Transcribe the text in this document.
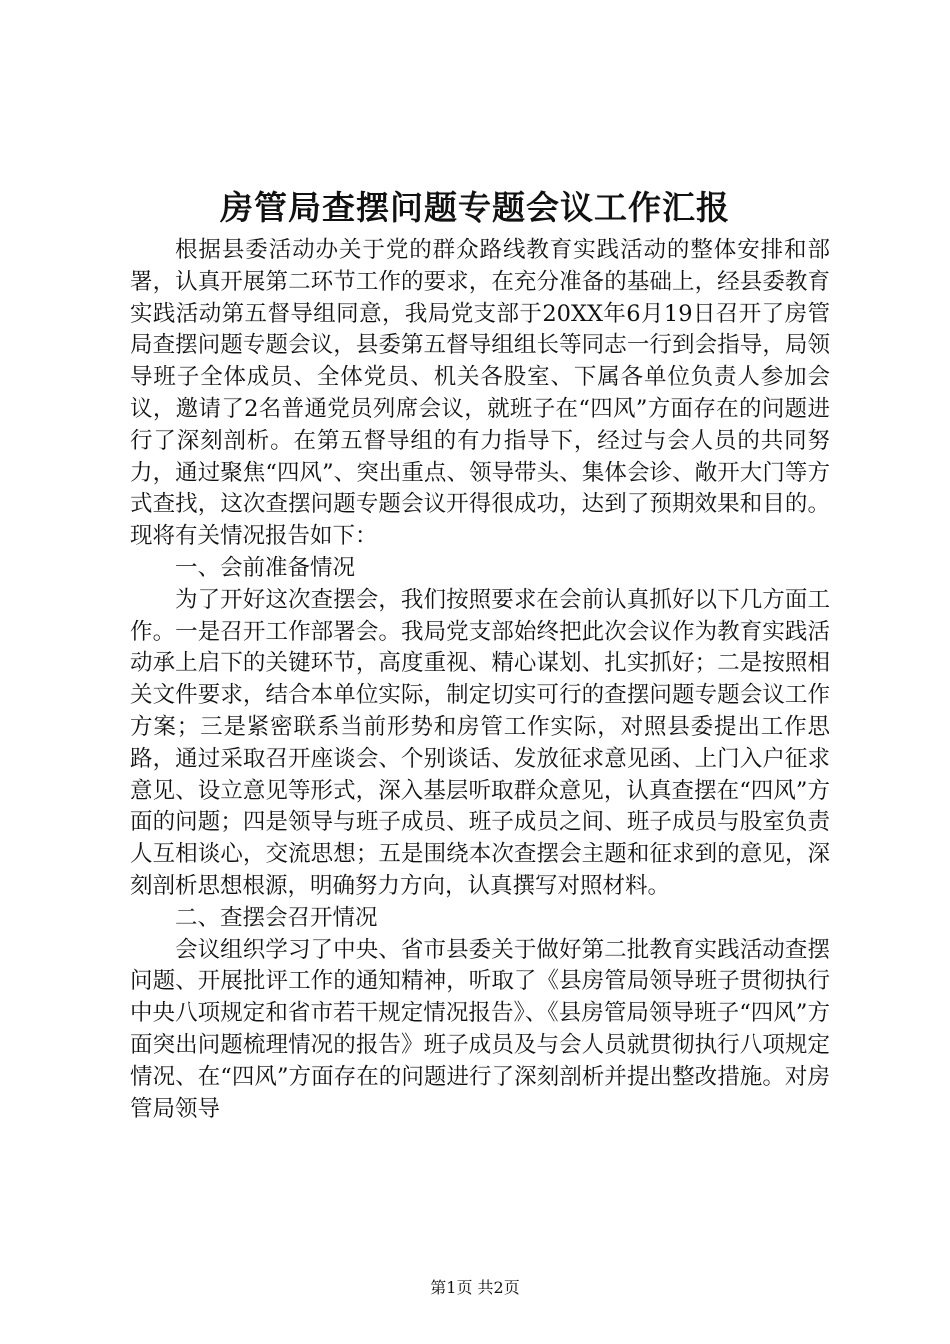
房管局查摆问题专题会议工作汇报

根据县委活动办关于党的群众路线教育实践活动的整体安排和部署，认真开展第二环节工作的要求，在充分准备的基础上，经县委教育实践活动第五督导组同意，我局党支部于20XX年6月19日召开了房管局查摆问题专题会议，县委第五督导组组长等同志一行到会指导，局领导班子全体成员、全体党员、机关各股室、下属各单位负责人参加会议，邀请了2名普通党员列席会议，就班子在“四风”方面存在的问题进行了深刻剖析。在第五督导组的有力指导下，经过与会人员的共同努力，通过聚焦“四风”、突出重点、领导带头、集体会诊、敞开大门等方式查找，这次查摆问题专题会议开得很成功，达到了预期效果和目的。现将有关情况报告如下：

一、会前准备情况

为了开好这次查摆会，我们按照要求在会前认真抓好以下几方面工作。一是召开工作部署会。我局党支部始终把此次会议作为教育实践活动承上启下的关键环节，高度重视、精心谋划、扎实抓好；二是按照相关文件要求，结合本单位实际，制定切实可行的查摆问题专题会议工作方案；三是紧密联系当前形势和房管工作实际，对照县委提出工作思路，通过采取召开座谈会、个别谈话、发放征求意见函、上门入户征求意见、设立意见等形式，深入基层听取群众意见，认真查摆在“四风”方面的问题；四是领导与班子成员、班子成员之间、班子成员与股室负责人互相谈心，交流思想；五是围绕本次查摆会主题和征求到的意见，深刻剖析思想根源，明确努力方向，认真撰写对照材料。

二、查摆会召开情况

会议组织学习了中央、省市县委关于做好第二批教育实践活动查摆问题、开展批评工作的通知精神，听取了《县房管局领导班子贯彻执行中央八项规定和省市若干规定情况报告》、《县房管局领导班子“四风”方面突出问题梳理情况的报告》班子成员及与会人员就贯彻执行八项规定情况、在“四风”方面存在的问题进行了深刻剖析并提出整改措施。对房管局领导

第1页 共2页
